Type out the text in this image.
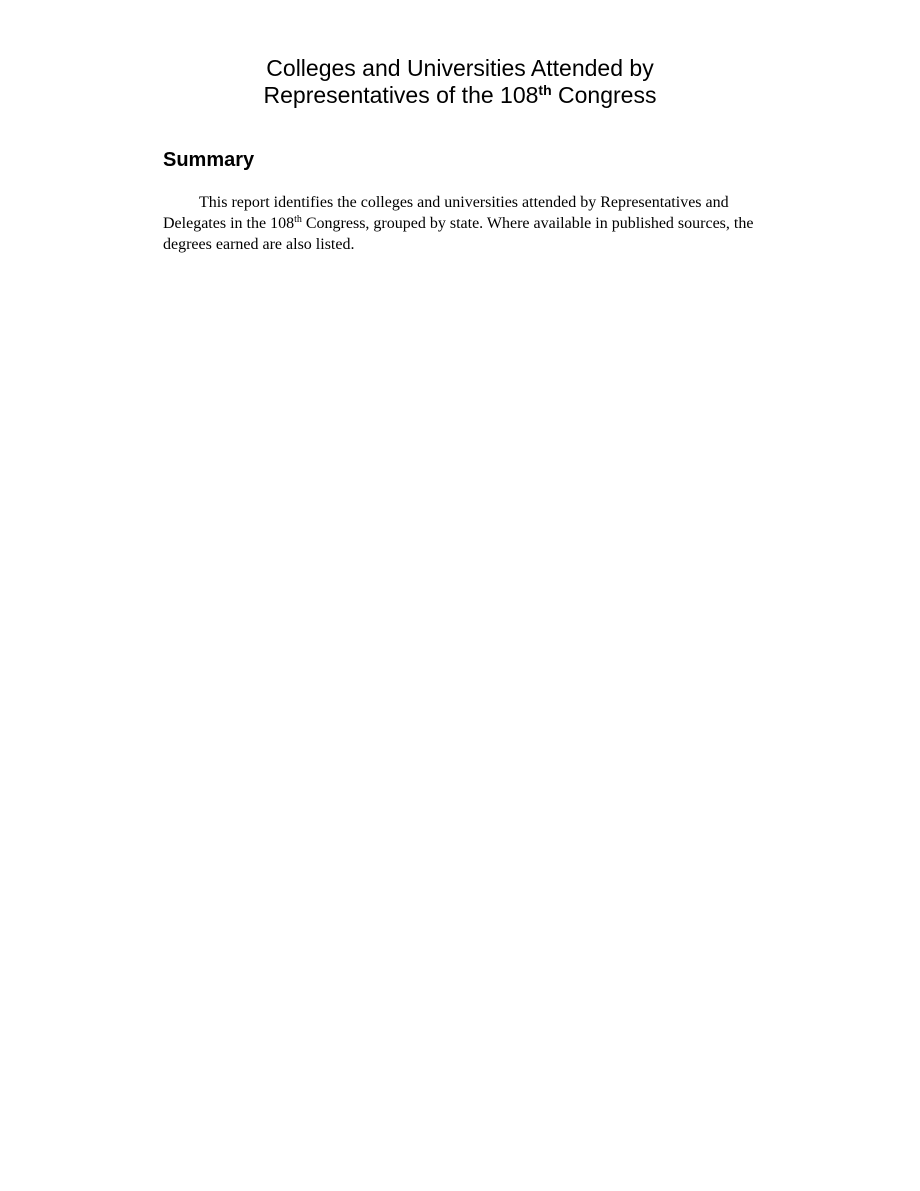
Colleges and Universities Attended by
Representatives of the 108th Congress
Summary

This report identifies the colleges and universities attended by Representatives and Delegates in the 108th Congress, grouped by state. Where available in published sources, the degrees earned are also listed.
